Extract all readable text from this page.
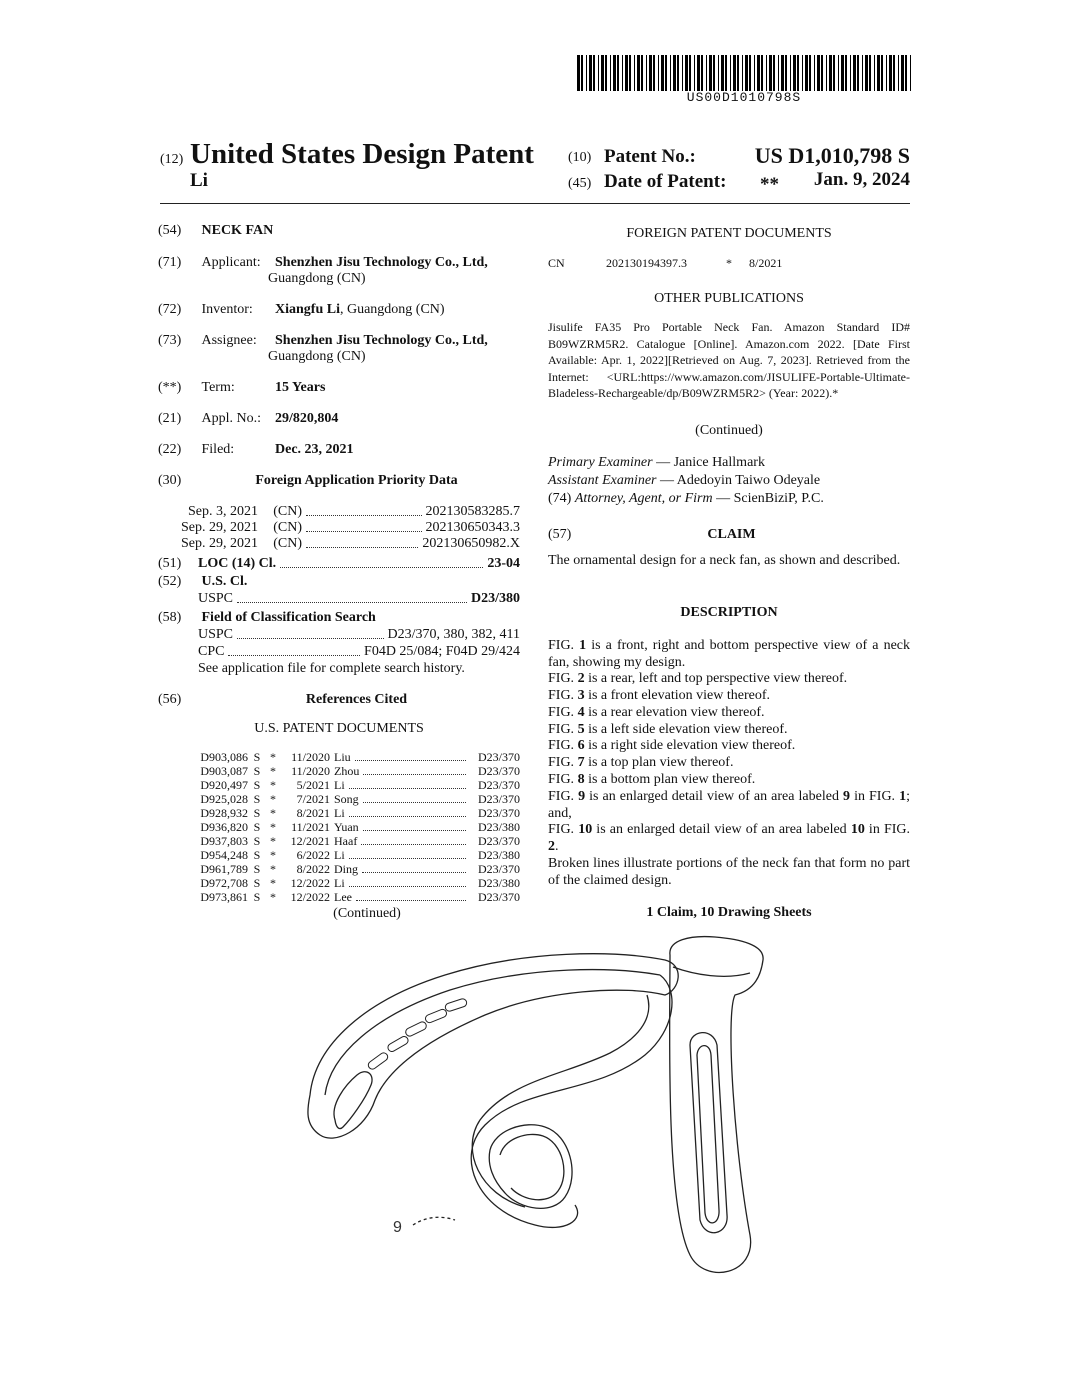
US00D1010798S
(12) United States Design Patent
Li
(10) Patent No.:	US D1,010,798 S
(45) Date of Patent: **	Jan. 9, 2024
(54) NECK FAN
(71) Applicant: Shenzhen Jisu Technology Co., Ltd,
Guangdong (CN)
(72) Inventor: Xiangfu Li, Guangdong (CN)
(73) Assignee: Shenzhen Jisu Technology Co., Ltd,
Guangdong (CN)
(**) Term:	15 Years
(21) Appl. No.: 29/820,804
(22) Filed:	Dec. 23, 2021
(30)	Foreign Application Priority Data
Sep. 3, 2021	(CN)	202130583285.7
Sep. 29, 2021	(CN)	202130650343.3
Sep. 29, 2021	(CN)	202130650982.X
(51)	LOC (14) Cl.	23-04
(52) U.S. Cl.
USPC	D23/380
(58) Field of Classification Search
USPC	D23/370, 380, 382, 411
CPC	F04D 25/084; F04D 29/424
See application file for complete search history.
(56)	References Cited
U.S. PATENT DOCUMENTS
D903,086	S	*	11/2020	Liu	D23/370
D903,087	S	*	11/2020	Zhou	D23/370
D920,497	S	*	5/2021	Li	D23/370
D925,028	S	*	7/2021	Song	D23/370
D928,932	S	*	8/2021	Li	D23/370
D936,820	S	*	11/2021	Yuan	D23/380
D937,803	S	*	12/2021	Haaf	D23/370
D954,248	S	*	6/2022	Li	D23/380
D961,789	S	*	8/2022	Ding	D23/370
D972,708	S	*	12/2022	Li	D23/380
D973,861	S	*	12/2022	Lee	D23/370
(Continued)
FOREIGN PATENT DOCUMENTS
CN	202130194397.3	* 8/2021
OTHER PUBLICATIONS
Jisulife FA35 Pro Portable Neck Fan. Amazon Standard ID# B09WZRM5R2. Catalogue [Online]. Amazon.com 2022. [Date First Available: Apr. 1, 2022][Retrieved on Aug. 7, 2023]. Retrieved from the Internet: <URL:https://www.amazon.com/JISULIFE-Portable-Ultimate-Bladeless-Rechargeable/dp/B09WZRM5R2> (Year: 2022).*
(Continued)
Primary Examiner — Janice Hallmark
Assistant Examiner — Adedoyin Taiwo Odeyale
(74) Attorney, Agent, or Firm — ScienBiziP, P.C.
(57)	CLAIM
The ornamental design for a neck fan, as shown and described.
DESCRIPTION
FIG. 1 is a front, right and bottom perspective view of a neck fan, showing my design.
FIG. 2 is a rear, left and top perspective view thereof.
FIG. 3 is a front elevation view thereof.
FIG. 4 is a rear elevation view thereof.
FIG. 5 is a left side elevation view thereof.
FIG. 6 is a right side elevation view thereof.
FIG. 7 is a top plan view thereof.
FIG. 8 is a bottom plan view thereof.
FIG. 9 is an enlarged detail view of an area labeled 9 in FIG. 1; and,
FIG. 10 is an enlarged detail view of an area labeled 10 in FIG. 2.
Broken lines illustrate portions of the neck fan that form no part of the claimed design.
1 Claim, 10 Drawing Sheets
9
